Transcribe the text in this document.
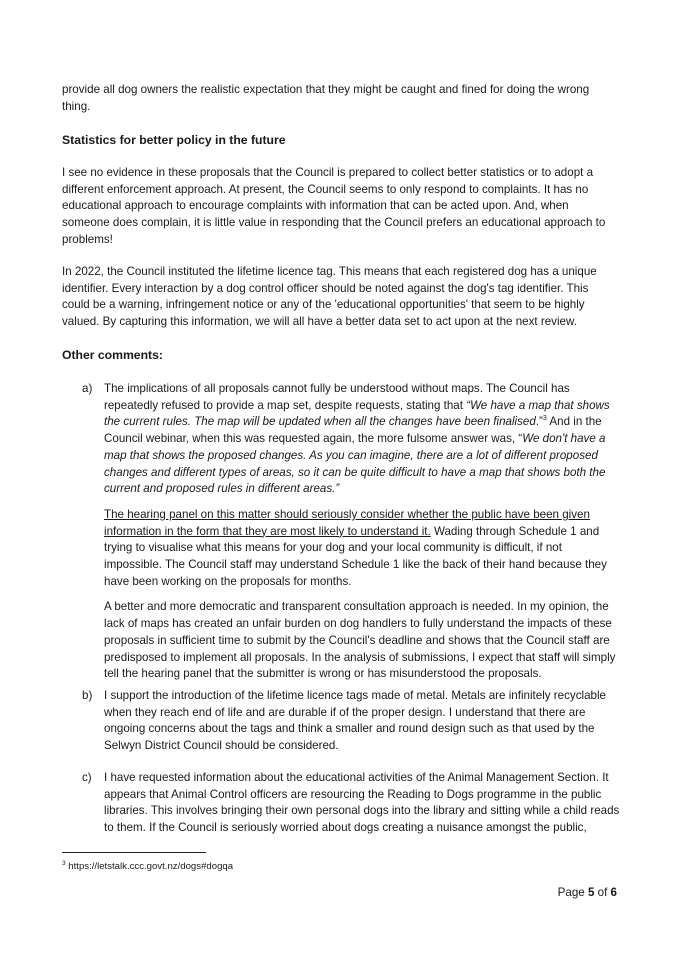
provide all dog owners the realistic expectation that they might be caught and fined for doing the wrong thing.

Statistics for better policy in the future

I see no evidence in these proposals that the Council is prepared to collect better statistics or to adopt a different enforcement approach. At present, the Council seems to only respond to complaints. It has no educational approach to encourage complaints with information that can be acted upon. And, when someone does complain, it is little value in responding that the Council prefers an educational approach to problems!

In 2022, the Council instituted the lifetime licence tag. This means that each registered dog has a unique identifier. Every interaction by a dog control officer should be noted against the dog's tag identifier. This could be a warning, infringement notice or any of the 'educational opportunities' that seem to be highly valued. By capturing this information, we will all have a better data set to act upon at the next review.

Other comments:
a)	The implications of all proposals cannot fully be understood without maps. The Council has repeatedly refused to provide a map set, despite requests, stating that “We have a map that shows the current rules. The map will be updated when all the changes have been finalised.”$^3$ And in the Council webinar, when this was requested again, the more fulsome answer was, “We don't have a map that shows the proposed changes. As you can imagine, there are a lot of different proposed changes and different types of areas, so it can be quite difficult to have a map that shows both the current and proposed rules in different areas.”

The hearing panel on this matter should seriously consider whether the public have been given information in the form that they are most likely to understand it. Wading through Schedule 1 and trying to visualise what this means for your dog and your local community is difficult, if not impossible. The Council staff may understand Schedule 1 like the back of their hand because they have been working on the proposals for months.

A better and more democratic and transparent consultation approach is needed. In my opinion, the lack of maps has created an unfair burden on dog handlers to fully understand the impacts of these proposals in sufficient time to submit by the Council's deadline and shows that the Council staff are predisposed to implement all proposals. In the analysis of submissions, I expect that staff will simply tell the hearing panel that the submitter is wrong or has misunderstood the proposals.

b)	I support the introduction of the lifetime licence tags made of metal. Metals are infinitely recyclable when they reach end of life and are durable if of the proper design. I understand that there are ongoing concerns about the tags and think a smaller and round design such as that used by the Selwyn District Council should be considered.

c)	I have requested information about the educational activities of the Animal Management Section. It appears that Animal Control officers are resourcing the Reading to Dogs programme in the public libraries. This involves bringing their own personal dogs into the library and sitting while a child reads to them. If the Council is seriously worried about dogs creating a nuisance amongst the public,

$^3$ https://letstalk.ccc.govt.nz/dogs#dogqa
Page 5 of 6
